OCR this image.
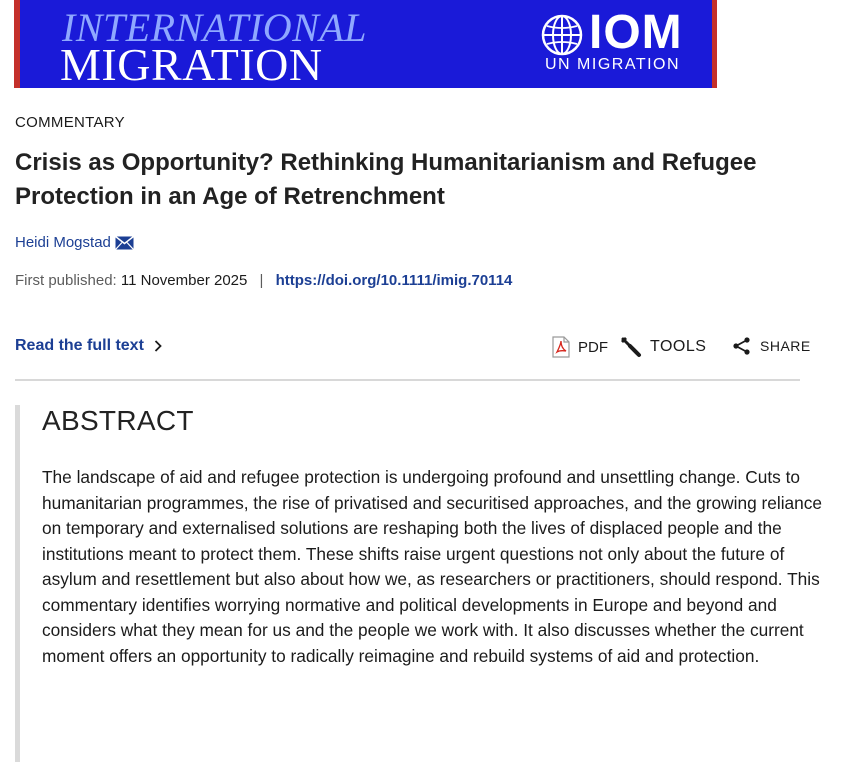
INTERNATIONAL
MIGRATION
IOM
UN MIGRATION
COMMENTARY
Crisis as Opportunity? Rethinking Humanitarianism and Refugee Protection in an Age of Retrenchment
Heidi Mogstad
First published: 11 November 2025 | https://doi.org/10.1111/imig.70114
Read the full text	PDF	TOOLS	SHARE
ABSTRACT

The landscape of aid and refugee protection is undergoing profound and unsettling change. Cuts to humanitarian programmes, the rise of privatised and securitised approaches, and the growing reliance on temporary and externalised solutions are reshaping both the lives of displaced people and the institutions meant to protect them. These shifts raise urgent questions not only about the future of asylum and resettlement but also about how we, as researchers or practitioners, should respond. This commentary identifies worrying normative and political developments in Europe and beyond and considers what they mean for us and the people we work with. It also discusses whether the current moment offers an opportunity to radically reimagine and rebuild systems of aid and protection.
